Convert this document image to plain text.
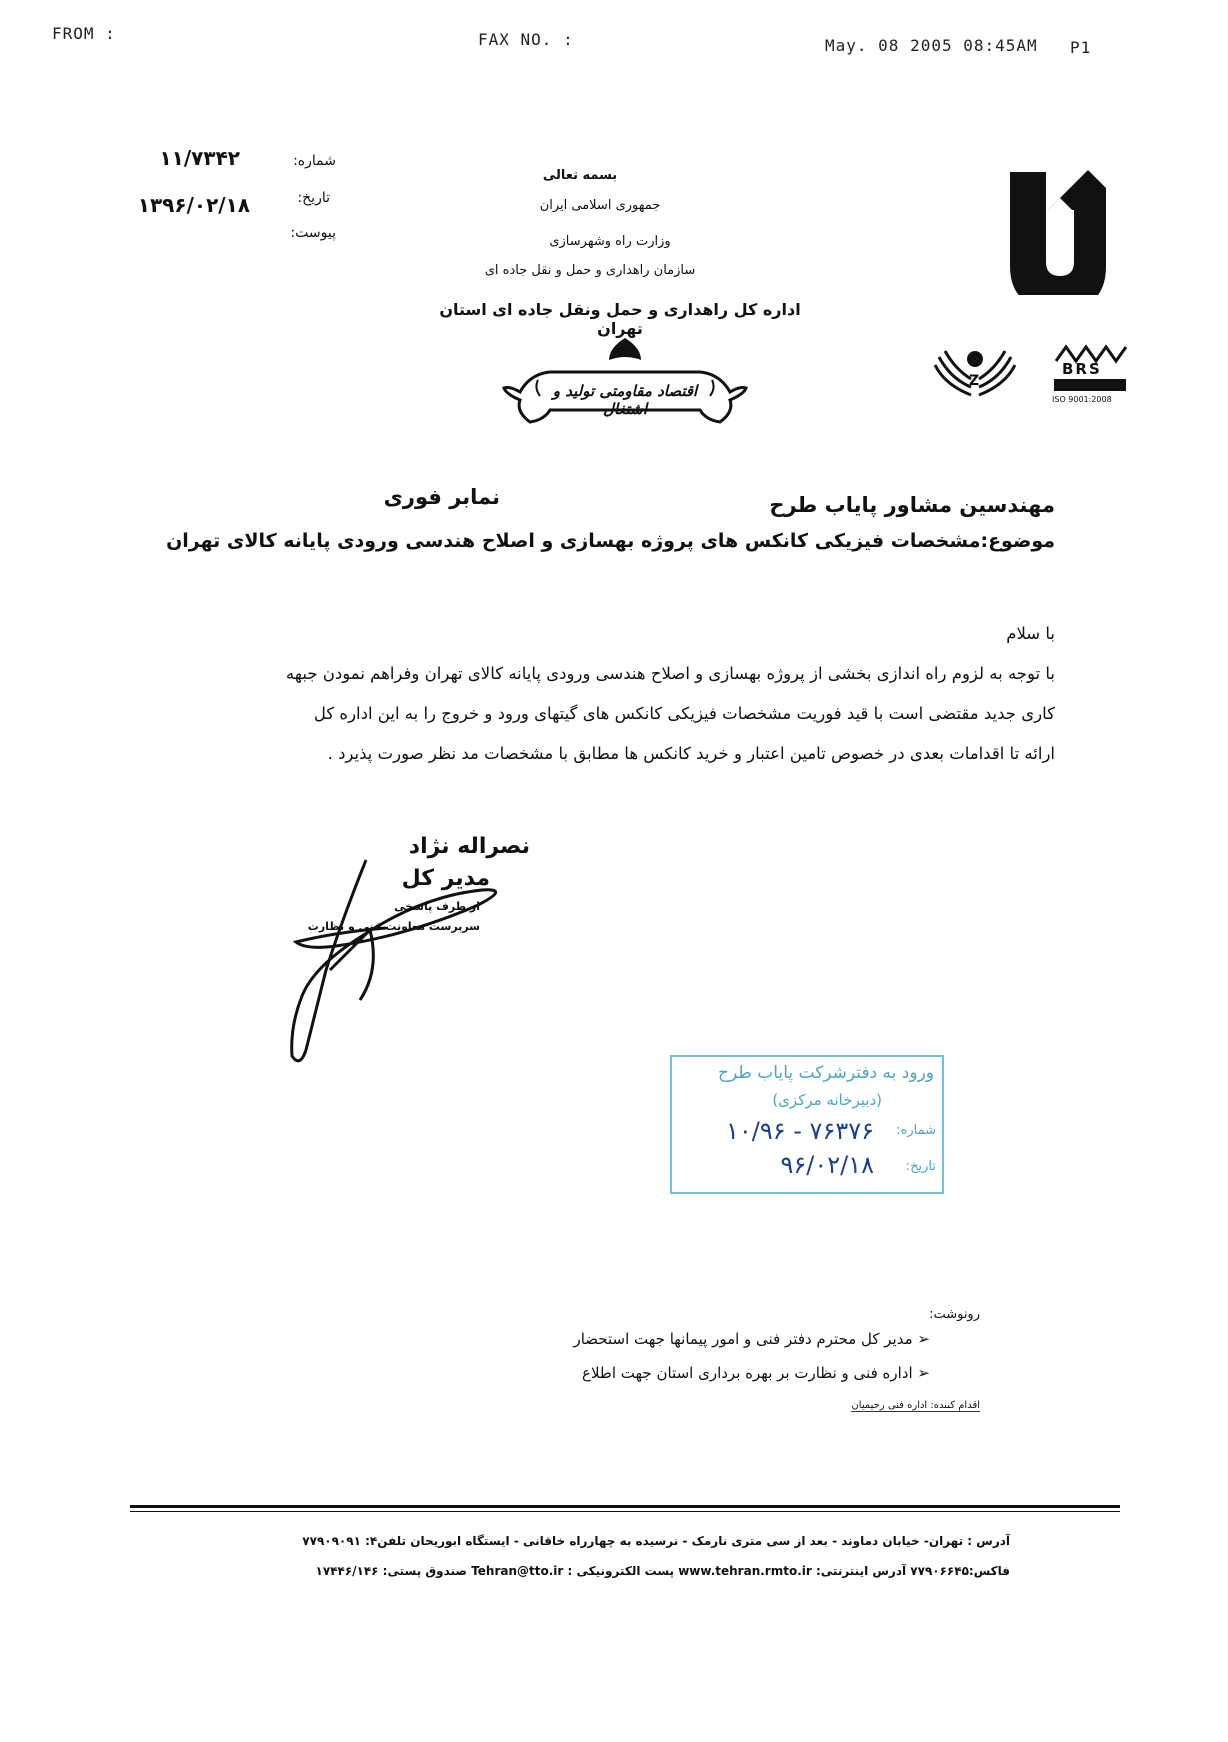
FROM :	FAX NO. :	May. 08 2005 08:45AM P1
شماره:
۱۱/۷۳۴۲
تاریخ:
۱۳۹۶/۰۲/۱۸
پیوست:
بسمه تعالی
جمهوری اسلامی ایران
وزارت راه وشهرسازی
سازمان راهداری و حمل و نقل جاده ای
اداره کل راهداری و حمل ونقل جاده ای استان تهران
اقتصاد مقاومتی تولید و اشتغال
Z
BRS
ISO 9001:2008
مهندسین مشاور پایاب طرح
نمابر فوری
موضوع:مشخصات فیزیکی کانکس های پروژه بهسازی و اصلاح هندسی ورودی پایانه کالای تهران

با سلام

با توجه به لزوم راه اندازی بخشی از پروژه بهسازی و اصلاح هندسی ورودی پایانه کالای تهران وفراهم نمودن جبهه

کاری جدید مقتضی است با قید فوریت مشخصات فیزیکی کانکس های گیتهای ورود و خروج را به این اداره کل

ارائه تا اقدامات بعدی در خصوص تامین اعتبار و خرید کانکس ها مطابق با مشخصات مد نظر صورت پذیرد .

نصراله نژاد
مدیر کل
از طرف پاسخی
سرپرست معاونت فنی و نظارت
ورود به دفترشرکت پایاب طرح
(دبیرخانه مرکزی)
شماره:
۷۶۳۷۶ - ۱۰/۹۶
تاریخ:
۹۶/۰۲/۱۸
رونوشت:
➢ مدیر کل محترم دفتر فنی و امور پیمانها جهت استحضار
➢ اداره فنی و نظارت بر بهره برداری استان جهت اطلاع
اقدام کننده: اداره فنی رحیمیان
آدرس : تهران- خیابان دماوند - بعد از سی متری نارمک - نرسیده به چهارراه خاقانی - ایستگاه ابوریحان تلفن۴: ۷۷۹۰۹۰۹۱
فاکس:۷۷۹۰۶۶۴۵ آدرس اینترنتی: www.tehran.rmto.ir پست الکترونیکی : Tehran@tto.ir صندوق پستی: ۱۷۴۴۶/۱۴۶
